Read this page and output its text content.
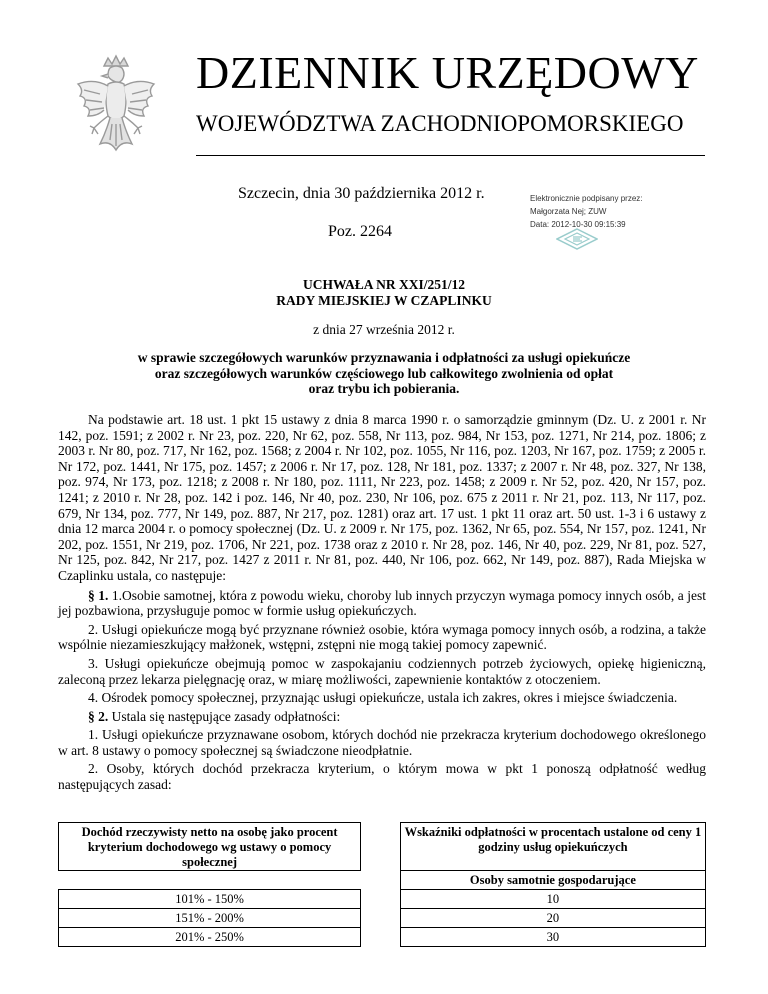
DZIENNIK URZĘDOWY
WOJEWÓDZTWA ZACHODNIOPOMORSKIEGO
Szczecin, dnia 30 października 2012 r.
Poz. 2264
Elektronicznie podpisany przez:
Małgorzata Nej; ZUW
Data: 2012-10-30 09:15:39
UCHWAŁA NR XXI/251/12
RADY MIEJSKIEJ W CZAPLINKU
z dnia 27 września 2012 r.
w sprawie szczegółowych warunków przyznawania i odpłatności za usługi opiekuńcze
oraz szczegółowych warunków częściowego lub całkowitego zwolnienia od opłat
oraz trybu ich pobierania.

Na podstawie art. 18 ust. 1 pkt 15 ustawy z dnia 8 marca 1990 r. o samorządzie gminnym (Dz. U. z 2001 r. Nr 142, poz. 1591; z 2002 r. Nr 23, poz. 220, Nr 62, poz. 558, Nr 113, poz. 984, Nr 153, poz. 1271, Nr 214, poz. 1806; z 2003 r. Nr 80, poz. 717, Nr 162, poz. 1568; z 2004 r. Nr 102, poz. 1055, Nr 116, poz. 1203, Nr 167, poz. 1759; z 2005 r. Nr 172, poz. 1441, Nr 175, poz. 1457; z 2006 r. Nr 17, poz. 128, Nr 181, poz. 1337; z 2007 r. Nr 48, poz. 327, Nr 138, poz. 974, Nr 173, poz. 1218; z 2008 r. Nr 180, poz. 1111, Nr 223, poz. 1458; z 2009 r. Nr 52, poz. 420, Nr 157, poz. 1241; z 2010 r. Nr 28, poz. 142 i poz. 146, Nr 40, poz. 230, Nr 106, poz. 675 z 2011 r. Nr 21, poz. 113, Nr 117, poz. 679, Nr 134, poz. 777, Nr 149, poz. 887, Nr 217, poz. 1281) oraz art. 17 ust. 1 pkt 11 oraz art. 50 ust. 1-3 i 6 ustawy z dnia 12 marca 2004 r. o pomocy społecznej (Dz. U. z 2009 r. Nr 175, poz. 1362, Nr 65, poz. 554, Nr 157, poz. 1241, Nr 202, poz. 1551, Nr 219, poz. 1706, Nr 221, poz. 1738 oraz z 2010 r. Nr 28, poz. 146, Nr 40, poz. 229, Nr 81, poz. 527, Nr 125, poz. 842, Nr 217, poz. 1427 z 2011 r. Nr 81, poz. 440, Nr 106, poz. 662, Nr 149, poz. 887), Rada Miejska w Czaplinku ustala, co następuje:

§ 1. 1.Osobie samotnej, która z powodu wieku, choroby lub innych przyczyn wymaga pomocy innych osób, a jest jej pozbawiona, przysługuje pomoc w formie usług opiekuńczych.

2. Usługi opiekuńcze mogą być przyznane również osobie, która wymaga pomocy innych osób, a rodzina, a także wspólnie niezamieszkujący małżonek, wstępni, zstępni nie mogą takiej pomocy zapewnić.

3. Usługi opiekuńcze obejmują pomoc w zaspokajaniu codziennych potrzeb życiowych, opiekę higieniczną, zaleconą przez lekarza pielęgnację oraz, w miarę możliwości, zapewnienie kontaktów z otoczeniem.

4. Ośrodek pomocy społecznej, przyznając usługi opiekuńcze, ustala ich zakres, okres i miejsce świadczenia.

§ 2. Ustala się następujące zasady odpłatności:

1. Usługi opiekuńcze przyznawane osobom, których dochód nie przekracza kryterium dochodowego określonego w art. 8 ustawy o pomocy społecznej są świadczone nieodpłatnie.

2. Osoby, których dochód przekracza kryterium, o którym mowa w pkt 1 ponoszą odpłatność według następujących zasad:

Dochód rzeczywisty netto na osobę jako procent kryterium dochodowego wg ustawy o pomocy społecznej		Wskaźniki odpłatności w procentach ustalone od ceny 1 godziny usług opiekuńczych
		Osoby samotnie gospodarujące
101% - 150%		10
151% - 200%		20
201% - 250%		30
